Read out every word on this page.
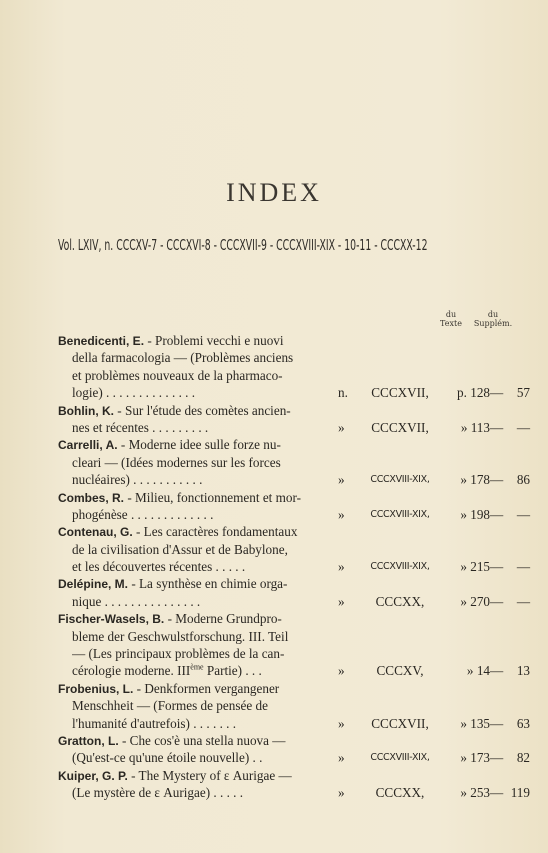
INDEX
Vol. LXIV, n. CCCXV-7 - CCCXVI-8 - CCCXVII-9 - CCCXVIII-XIX - 10-11 - CCCXX-12
du
Texte
du
Supplém.
Benedicenti, E. - Problemi vecchi e nuovi
della farmacologia — (Problèmes anciens
et problèmes nouveaux de la pharmaco-
logie) . . . . . . . . . . . . . .	n.	CCCXVII,	p. 128 —	57
Bohlin, K. - Sur l'étude des comètes ancien-
nes et récentes . . . . . . . . .	»	CCCXVII,	» 113 —	—
Carrelli, A. - Moderne idee sulle forze nu-
cleari — (Idées modernes sur les forces
nucléaires) . . . . . . . . . . .	»	CCCXVIII-XIX,	» 178 —	86
Combes, R. - Milieu, fonctionnement et mor-
phogénèse . . . . . . . . . . . . .	»	CCCXVIII-XIX,	» 198 —	—
Contenau, G. - Les caractères fondamentaux
de la civilisation d'Assur et de Babylone,
et les découvertes récentes . . . . .	»	CCCXVIII-XIX,	» 215 —	—
Delépine, M. - La synthèse en chimie orga-
nique . . . . . . . . . . . . . . .	»	CCCXX,	» 270 —	—
Fischer-Wasels, B. - Moderne Grundpro-
bleme der Geschwulstforschung. III. Teil
— (Les principaux problèmes de la can-
cérologie moderne. IIIème Partie) . . .	»	CCCXV,	» 14 —	13
Frobenius, L. - Denkformen vergangener
Menschheit — (Formes de pensée de
l'humanité d'autrefois) . . . . . . .	»	CCCXVII,	» 135 —	63
Gratton, L. - Che cos'è una stella nuova —
(Qu'est-ce qu'une étoile nouvelle) . .	»	CCCXVIII-XIX,	» 173 —	82
Kuiper, G. P. - The Mystery of ε Aurigae —
(Le mystère de ε Aurigae) . . . . .	»	CCCXX,	» 253 — 119
